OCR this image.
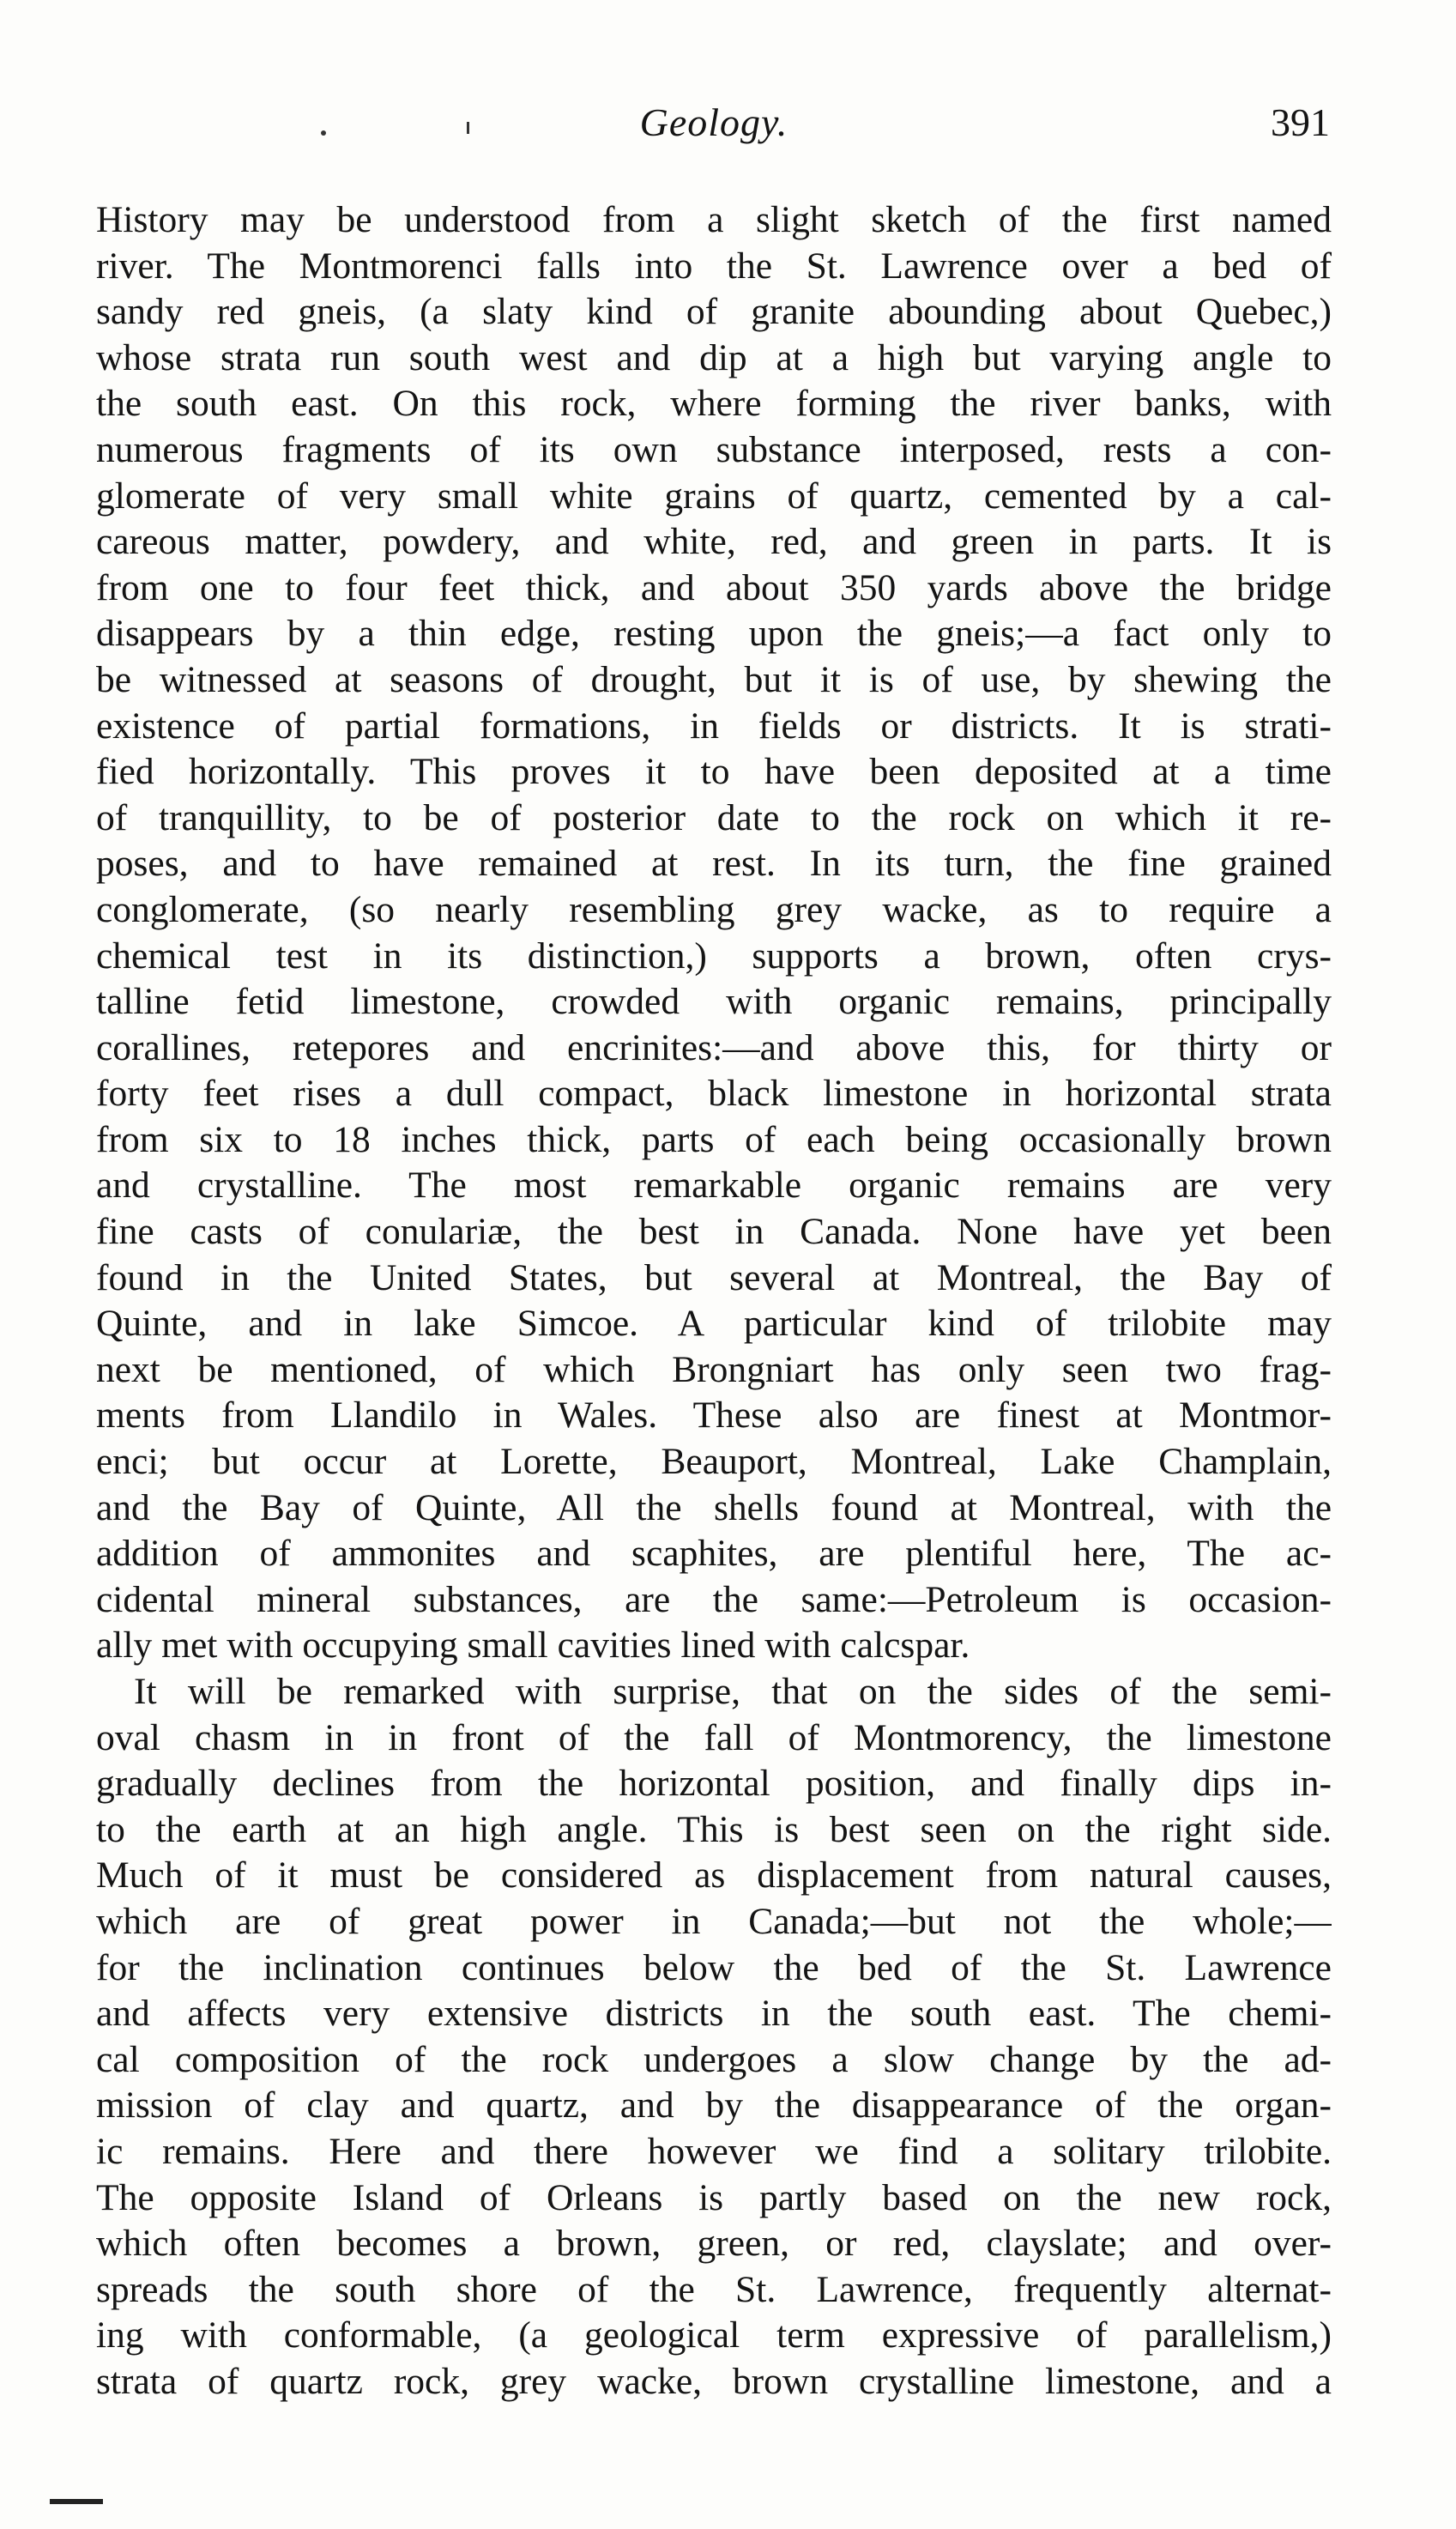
Geology.	391
History may be understood from a slight sketch of the first named
river. The Montmorenci falls into the St. Lawrence over a bed of
sandy red gneis, (a slaty kind of granite abounding about Quebec,)
whose strata run south west and dip at a high but varying angle to
the south east. On this rock, where forming the river banks, with
numerous fragments of its own substance interposed, rests a con-
glomerate of very small white grains of quartz, cemented by a cal-
careous matter, powdery, and white, red, and green in parts. It is
from one to four feet thick, and about 350 yards above the bridge
disappears by a thin edge, resting upon the gneis;—a fact only to
be witnessed at seasons of drought, but it is of use, by shewing the
existence of partial formations, in fields or districts. It is strati-
fied horizontally. This proves it to have been deposited at a time
of tranquillity, to be of posterior date to the rock on which it re-
poses, and to have remained at rest. In its turn, the fine grained
conglomerate, (so nearly resembling grey wacke, as to require a
chemical test in its distinction,) supports a brown, often crys-
talline fetid limestone, crowded with organic remains, principally
corallines, retepores and encrinites:—and above this, for thirty or
forty feet rises a dull compact, black limestone in horizontal strata
from six to 18 inches thick, parts of each being occasionally brown
and crystalline. The most remarkable organic remains are very
fine casts of conulariæ, the best in Canada. None have yet been
found in the United States, but several at Montreal, the Bay of
Quinte, and in lake Simcoe. A particular kind of trilobite may
next be mentioned, of which Brongniart has only seen two frag-
ments from Llandilo in Wales. These also are finest at Montmor-
enci; but occur at Lorette, Beauport, Montreal, Lake Champlain,
and the Bay of Quinte, All the shells found at Montreal, with the
addition of ammonites and scaphites, are plentiful here, The ac-
cidental mineral substances, are the same:—Petroleum is occasion-
ally met with occupying small cavities lined with calcspar.
It will be remarked with surprise, that on the sides of the semi-
oval chasm in in front of the fall of Montmorency, the limestone
gradually declines from the horizontal position, and finally dips in-
to the earth at an high angle. This is best seen on the right side.
Much of it must be considered as displacement from natural causes,
which are of great power in Canada;—but not the whole;—
for the inclination continues below the bed of the St. Lawrence
and affects very extensive districts in the south east. The chemi-
cal composition of the rock undergoes a slow change by the ad-
mission of clay and quartz, and by the disappearance of the organ-
ic remains. Here and there however we find a solitary trilobite.
The opposite Island of Orleans is partly based on the new rock,
which often becomes a brown, green, or red, clayslate; and over-
spreads the south shore of the St. Lawrence, frequently alternat-
ing with conformable, (a geological term expressive of parallelism,)
strata of quartz rock, grey wacke, brown crystalline limestone, and a
